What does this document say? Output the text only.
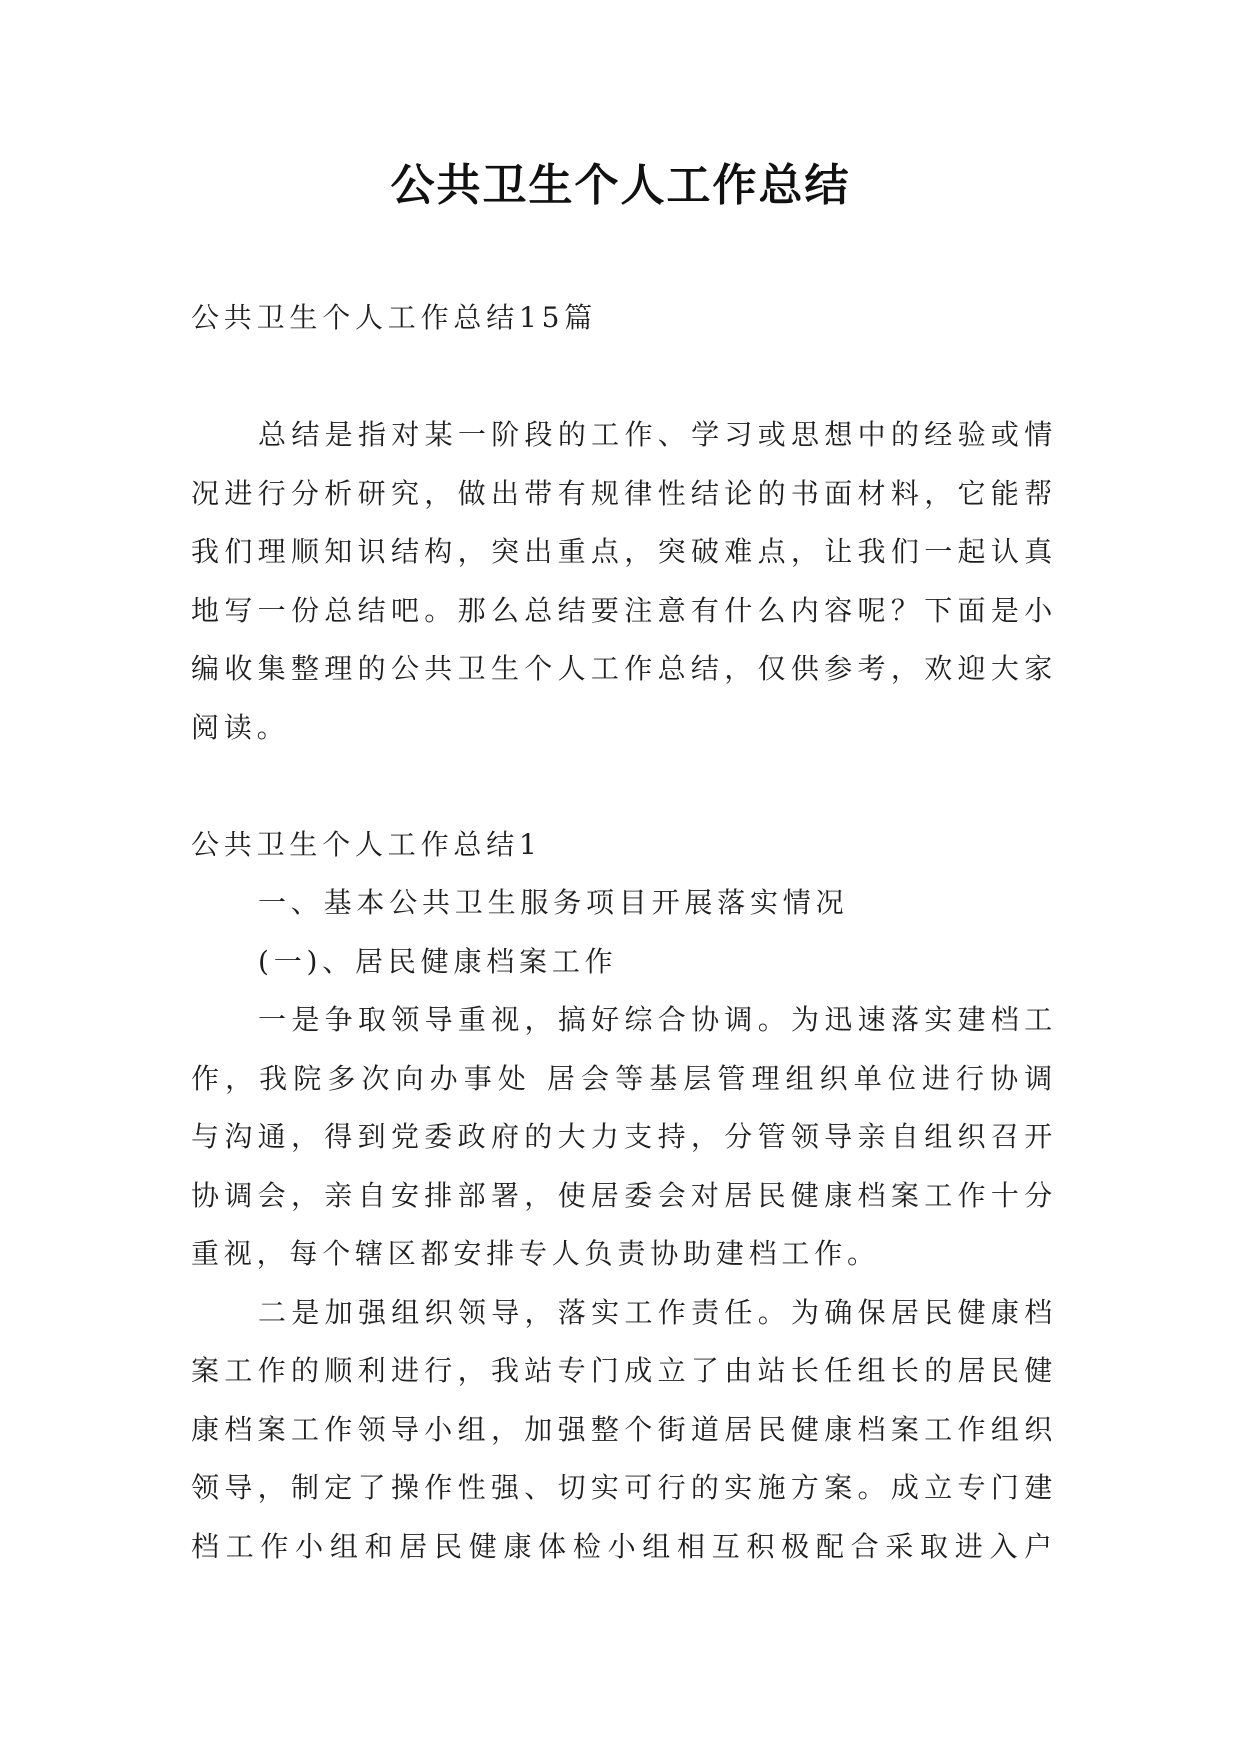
公共卫生个人工作总结
公共卫生个人工作总结15篇
总结是指对某一阶段的工作、学习或思想中的经验或情
况进行分析研究，做出带有规律性结论的书面材料，它能帮
我们理顺知识结构，突出重点，突破难点，让我们一起认真
地写一份总结吧。那么总结要注意有什么内容呢？下面是小
编收集整理的公共卫生个人工作总结，仅供参考，欢迎大家
阅读。
公共卫生个人工作总结1
一、基本公共卫生服务项目开展落实情况
(一)、居民健康档案工作
一是争取领导重视，搞好综合协调。为迅速落实建档工
作，我院多次向办事处 居会等基层管理组织单位进行协调
与沟通，得到党委政府的大力支持，分管领导亲自组织召开
协调会，亲自安排部署，使居委会对居民健康档案工作十分
重视，每个辖区都安排专人负责协助建档工作。
二是加强组织领导，落实工作责任。为确保居民健康档
案工作的顺利进行，我站专门成立了由站长任组长的居民健
康档案工作领导小组，加强整个街道居民健康档案工作组织
领导，制定了操作性强、切实可行的实施方案。成立专门建
档工作小组和居民健康体检小组相互积极配合采取进入户
